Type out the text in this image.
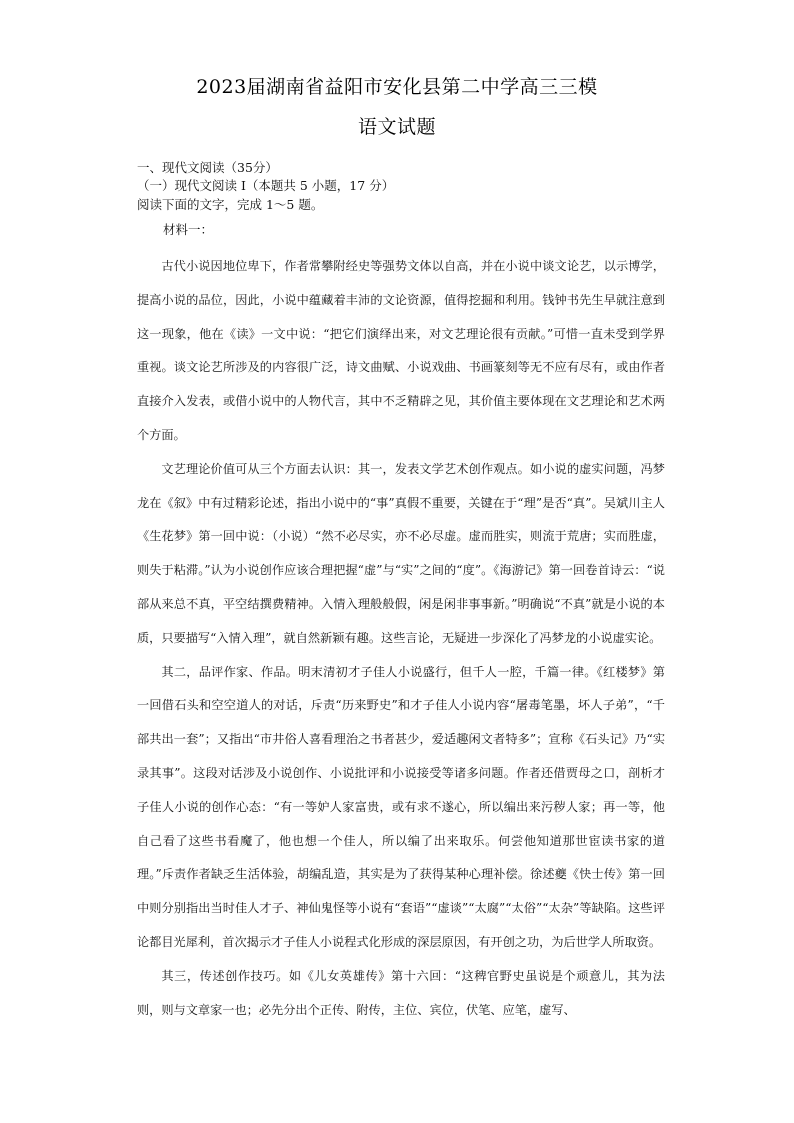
2023届湖南省益阳市安化县第二中学高三三模
语文试题
一、现代文阅读（35分）
（一）现代文阅读 I（本题共 5 小题，17 分）
阅读下面的文字，完成 1～5 题。
材料一：

古代小说因地位卑下，作者常攀附经史等强势文体以自高，并在小说中谈文论艺，以示博学，提高小说的品位，因此，小说中蕴藏着丰沛的文论资源，值得挖掘和利用。钱钟书先生早就注意到这一现象，他在《读》一文中说：“把它们演绎出来，对文艺理论很有贡献。”可惜一直未受到学界重视。谈文论艺所涉及的内容很广泛，诗文曲赋、小说戏曲、书画篆刻等无不应有尽有，或由作者直接介入发表，或借小说中的人物代言，其中不乏精辟之见，其价值主要体现在文艺理论和艺术两个方面。

文艺理论价值可从三个方面去认识：其一，发表文学艺术创作观点。如小说的虚实问题，冯梦龙在《叙》中有过精彩论述，指出小说中的“事”真假不重要，关键在于“理”是否“真”。吴斌川主人《生花梦》第一回中说：（小说）“然不必尽实，亦不必尽虚。虚而胜实，则流于荒唐；实而胜虚，则失于粘滞。”认为小说创作应该合理把握“虚”与“实”之间的“度”。《海游记》第一回卷首诗云：“说部从来总不真，平空结撰费精神。入情入理般般假，闲是闲非事事新。”明确说“不真”就是小说的本质，只要描写“入情入理”，就自然新颖有趣。这些言论，无疑进一步深化了冯梦龙的小说虚实论。

其二，品评作家、作品。明末清初才子佳人小说盛行，但千人一腔，千篇一律。《红楼梦》第一回借石头和空空道人的对话，斥责“历来野史”和才子佳人小说内容“屠毒笔墨，坏人子弟”，“千部共出一套”；又指出“市井俗人喜看理治之书者甚少，爱适趣闲文者特多”；宣称《石头记》乃“实录其事”。这段对话涉及小说创作、小说批评和小说接受等诸多问题。作者还借贾母之口，剖析才子佳人小说的创作心态：“有一等妒人家富贵，或有求不遂心，所以编出来污秽人家；再一等，他自己看了这些书看魔了，他也想一个佳人，所以编了出来取乐。何尝他知道那世宦读书家的道理。”斥责作者缺乏生活体验，胡编乱造，其实是为了获得某种心理补偿。徐述夔《快士传》第一回中则分别指出当时佳人才子、神仙鬼怪等小说有“套语”“虚谈”“太腐”“太俗”“太杂”等缺陷。这些评论都目光犀利，首次揭示才子佳人小说程式化形成的深层原因，有开创之功，为后世学人所取资。

其三，传述创作技巧。如《儿女英雄传》第十六回：“这稗官野史虽说是个顽意儿，其为法则，则与文章家一也；必先分出个正传、附传，主位、宾位，伏笔、应笔，虚写、
